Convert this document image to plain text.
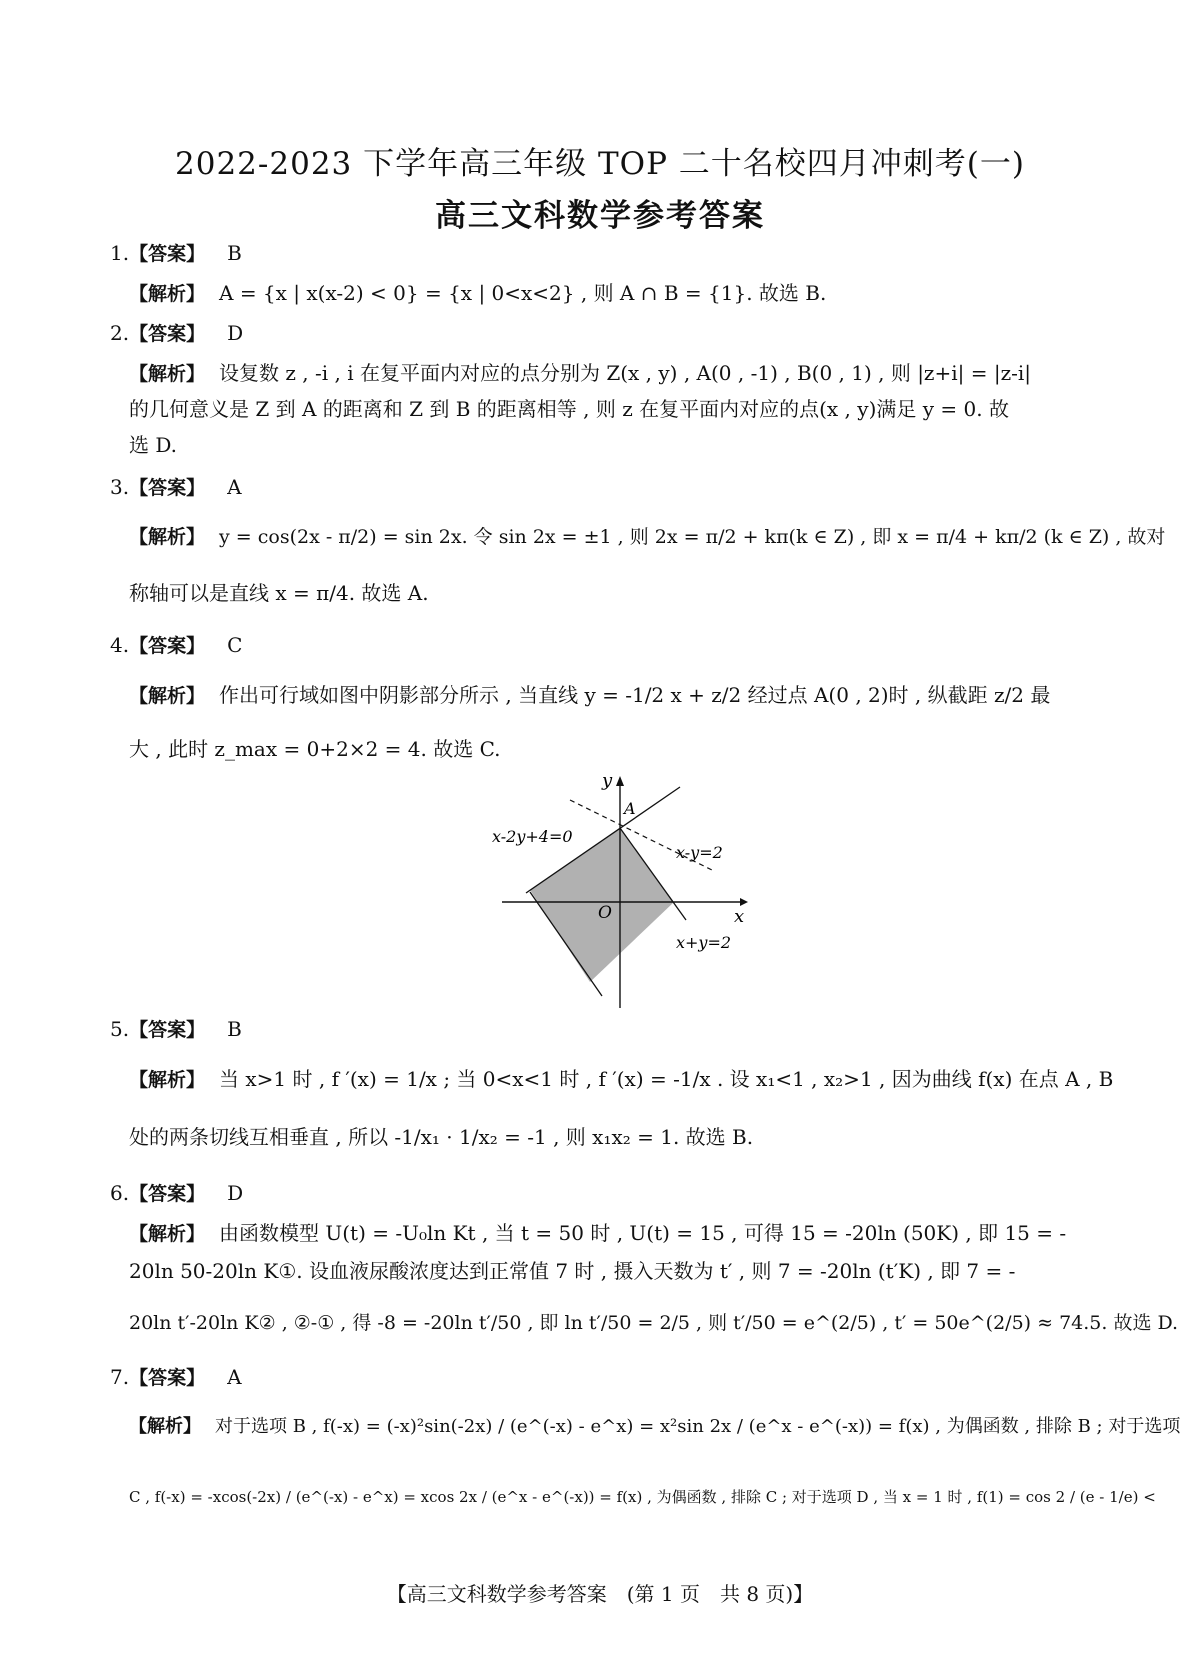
2022-2023 下学年高三年级 TOP 二十名校四月冲刺考(一)
高三文科数学参考答案
1.【答案】 B
【解析】 A = {x | x(x-2) < 0} = {x | 0<x<2} , 则 A ∩ B = {1}. 故选 B.
2.【答案】 D
【解析】 设复数 z , -i , i 在复平面内对应的点分别为 Z(x , y) , A(0 , -1) , B(0 , 1) , 则 |z+i| = |z-i|
的几何意义是 Z 到 A 的距离和 Z 到 B 的距离相等 , 则 z 在复平面内对应的点(x , y)满足 y = 0. 故
选 D.
3.【答案】 A
【解析】 y = cos(2x - π/2) = sin 2x. 令 sin 2x = ±1 , 则 2x = π/2 + kπ(k ∈ Z) , 即 x = π/4 + kπ/2 (k ∈ Z) , 故对
称轴可以是直线 x = π/4. 故选 A.
4.【答案】 C
【解析】 作出可行域如图中阴影部分所示 , 当直线 y = -1/2 x + z/2 经过点 A(0 , 2)时 , 纵截距 z/2 最
大 , 此时 z_max = 0+2×2 = 4. 故选 C.
y
x
O
A
x-2y+4=0
x-y=2
x+y=2
5.【答案】 B
【解析】 当 x>1 时 , f ′(x) = 1/x ; 当 0<x<1 时 , f ′(x) = -1/x . 设 x₁<1 , x₂>1 , 因为曲线 f(x) 在点 A , B
处的两条切线互相垂直 , 所以 -1/x₁ · 1/x₂ = -1 , 则 x₁x₂ = 1. 故选 B.
6.【答案】 D
【解析】 由函数模型 U(t) = -U₀ln Kt , 当 t = 50 时 , U(t) = 15 , 可得 15 = -20ln (50K) , 即 15 = -
20ln 50-20ln K①. 设血液尿酸浓度达到正常值 7 时 , 摄入天数为 t′ , 则 7 = -20ln (t′K) , 即 7 = -
20ln t′-20ln K② , ②-① , 得 -8 = -20ln t′/50 , 即 ln t′/50 = 2/5 , 则 t′/50 = e^(2/5) , t′ = 50e^(2/5) ≈ 74.5. 故选 D.
7.【答案】 A
【解析】 对于选项 B , f(-x) = (-x)²sin(-2x) / (e^(-x) - e^x) = x²sin 2x / (e^x - e^(-x)) = f(x) , 为偶函数 , 排除 B ; 对于选项
C , f(-x) = -xcos(-2x) / (e^(-x) - e^x) = xcos 2x / (e^x - e^(-x)) = f(x) , 为偶函数 , 排除 C ; 对于选项 D , 当 x = 1 时 , f(1) = cos 2 / (e - 1/e) <
【高三文科数学参考答案　(第 1 页　共 8 页)】
